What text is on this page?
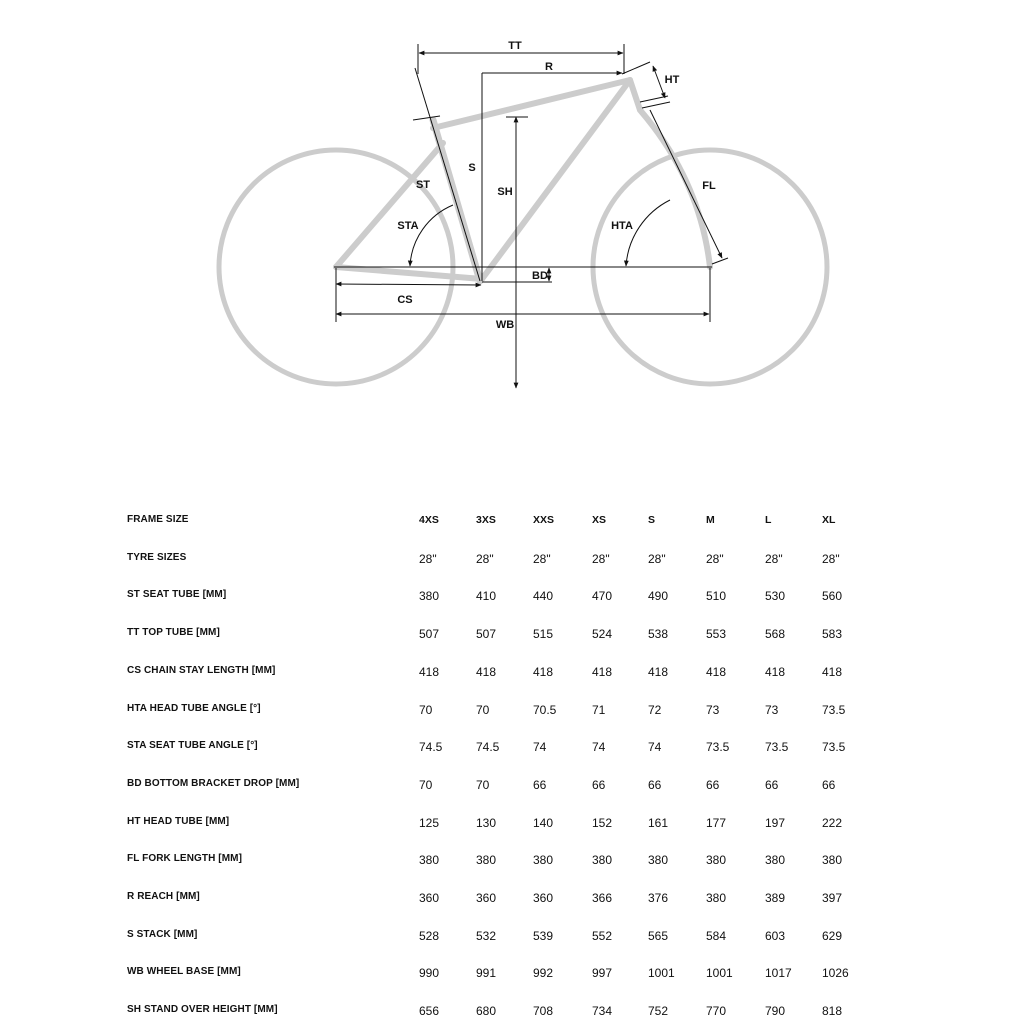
TT
R
HT
S
SH
ST
STA	HTA
FL
BD
CS
WB
FRAME SIZE	4XS	3XS	XXS	XS	S	M	L	XL
TYRE SIZES	28"	28"	28"	28"	28"	28"	28"	28"
ST SEAT TUBE [MM]	380	410	440	470	490	510	530	560
TT TOP TUBE [MM]	507	507	515	524	538	553	568	583
CS CHAIN STAY LENGTH [MM]	418	418	418	418	418	418	418	418
HTA HEAD TUBE ANGLE [°]	70	70	70.5	71	72	73	73	73.5
STA SEAT TUBE ANGLE [°]	74.5	74.5	74	74	74	73.5	73.5	73.5
BD BOTTOM BRACKET DROP [MM]	70	70	66	66	66	66	66	66
HT HEAD TUBE [MM]	125	130	140	152	161	177	197	222
FL FORK LENGTH [MM]	380	380	380	380	380	380	380	380
R REACH [MM]	360	360	360	366	376	380	389	397
S STACK [MM]	528	532	539	552	565	584	603	629
WB WHEEL BASE [MM]	990	991	992	997	1001	1001	1017	1026
SH STAND OVER HEIGHT [MM]	656	680	708	734	752	770	790	818
